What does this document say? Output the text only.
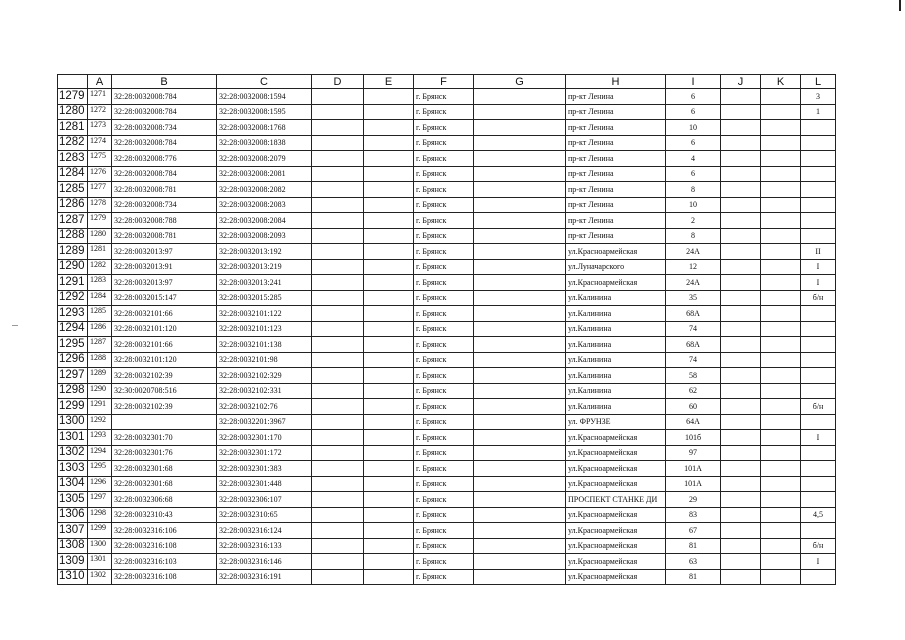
	A	B	C	D	E	F	G	H	I	J	K	L
1279	1271	32:28:0032008:784	32:28:0032008:1594			г. Брянск		пр-кт Ленина	6			3
1280	1272	32:28:0032008:784	32:28:0032008:1595			г. Брянск		пр-кт Ленина	6			1
1281	1273	32:28:0032008:734	32:28:0032008:1768			г. Брянск		пр-кт Ленина	10			
1282	1274	32:28:0032008:784	32:28:0032008:1838			г. Брянск		пр-кт Ленина	6			
1283	1275	32:28:0032008:776	32:28:0032008:2079			г. Брянск		пр-кт Ленина	4			
1284	1276	32:28:0032008:784	32:28:0032008:2081			г. Брянск		пр-кт Ленина	6			
1285	1277	32:28:0032008:781	32:28:0032008:2082			г. Брянск		пр-кт Ленина	8			
1286	1278	32:28:0032008:734	32:28:0032008:2083			г. Брянск		пр-кт Ленина	10			
1287	1279	32:28:0032008:788	32:28:0032008:2084			г. Брянск		пр-кт Ленина	2			
1288	1280	32:28:0032008:781	32:28:0032008:2093			г. Брянск		пр-кт Ленина	8			
1289	1281	32:28:0032013:97	32:28:0032013:192			г. Брянск		ул.Красноармейская	24А			II
1290	1282	32:28:0032013:91	32:28:0032013:219			г. Брянск		ул.Луначарского	12			I
1291	1283	32:28:0032013:97	32:28:0032013:241			г. Брянск		ул.Красноармейская	24А			I
1292	1284	32:28:0032015:147	32:28:0032015:285			г. Брянск		ул.Калинина	35			б/н
1293	1285	32:28:0032101:66	32:28:0032101:122			г. Брянск		ул.Калинина	68А			
1294	1286	32:28:0032101:120	32:28:0032101:123			г. Брянск		ул.Калинина	74			
1295	1287	32:28:0032101:66	32:28:0032101:138			г. Брянск		ул.Калинина	68А			
1296	1288	32:28:0032101:120	32:28:0032101:98			г. Брянск		ул.Калинина	74			
1297	1289	32:28:0032102:39	32:28:0032102:329			г. Брянск		ул.Калинина	58			
1298	1290	32:30:0020708:516	32:28:0032102:331			г. Брянск		ул.Калинина	62			
1299	1291	32:28:0032102:39	32:28:0032102:76			г. Брянск		ул.Калинина	60			б/н
1300	1292		32:28:0032201:3967			г. Брянск		ул. ФРУНЗЕ	64А			
1301	1293	32:28:0032301:70	32:28:0032301:170			г. Брянск		ул.Красноармейская	101б			I
1302	1294	32:28:0032301:76	32:28:0032301:172			г. Брянск		ул.Красноармейская	97			
1303	1295	32:28:0032301:68	32:28:0032301:383			г. Брянск		ул.Красноармейская	101А			
1304	1296	32:28:0032301:68	32:28:0032301:448			г. Брянск		ул.Красноармейская	101А			
1305	1297	32:28:0032306:68	32:28:0032306:107			г. Брянск		ПРОСПЕКТ СТАНКЕ ДИ	29			
1306	1298	32:28:0032310:43	32:28:0032310:65			г. Брянск		ул.Красноармейская	83			4,5
1307	1299	32:28:0032316:106	32:28:0032316:124			г. Брянск		ул.Красноармейская	67			
1308	1300	32:28:0032316:108	32:28:0032316:133			г. Брянск		ул.Красноармейская	81			б/н
1309	1301	32:28:0032316:103	32:28:0032316:146			г. Брянск		ул.Красноармейская	63			I
1310	1302	32:28:0032316:108	32:28:0032316:191			г. Брянск		ул.Красноармейская	81			
